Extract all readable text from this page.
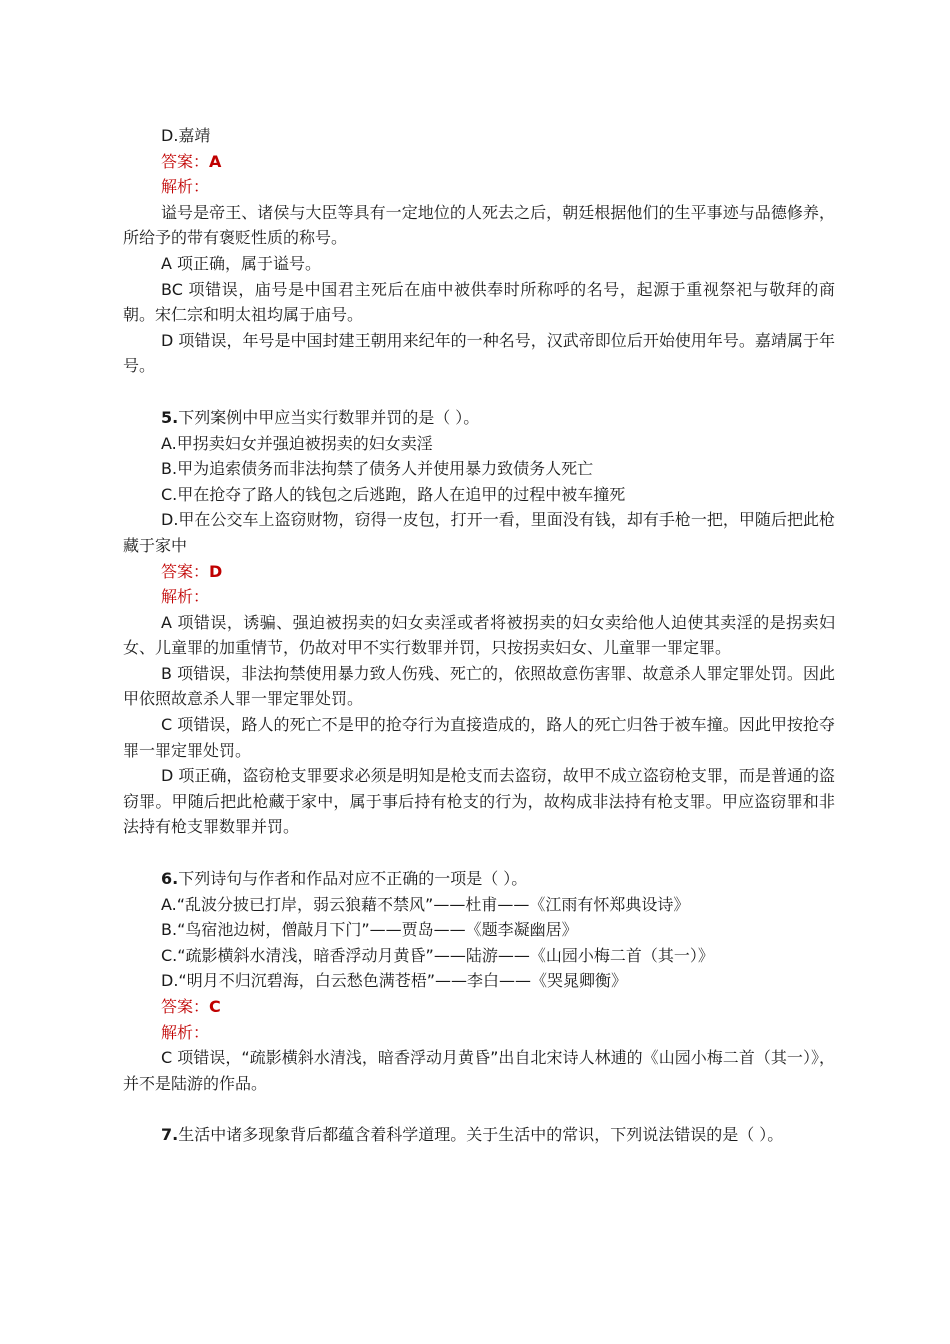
D.嘉靖
答案：A
解析：
谥号是帝王、诸侯与大臣等具有一定地位的人死去之后，朝廷根据他们的生平事迹与品德修养，所给予的带有褒贬性质的称号。
A 项正确，属于谥号。
BC 项错误，庙号是中国君主死后在庙中被供奉时所称呼的名号，起源于重视祭祀与敬拜的商朝。宋仁宗和明太祖均属于庙号。
D 项错误，年号是中国封建王朝用来纪年的一种名号，汉武帝即位后开始使用年号。嘉靖属于年号。
5.下列案例中甲应当实行数罪并罚的是（ ）。
A.甲拐卖妇女并强迫被拐卖的妇女卖淫
B.甲为追索债务而非法拘禁了债务人并使用暴力致债务人死亡
C.甲在抢夺了路人的钱包之后逃跑，路人在追甲的过程中被车撞死
D.甲在公交车上盗窃财物，窃得一皮包，打开一看，里面没有钱，却有手枪一把，甲随后把此枪藏于家中
答案：D
解析：
A 项错误，诱骗、强迫被拐卖的妇女卖淫或者将被拐卖的妇女卖给他人迫使其卖淫的是拐卖妇女、儿童罪的加重情节，仍故对甲不实行数罪并罚，只按拐卖妇女、儿童罪一罪定罪。
B 项错误，非法拘禁使用暴力致人伤残、死亡的，依照故意伤害罪、故意杀人罪定罪处罚。因此甲依照故意杀人罪一罪定罪处罚。
C 项错误，路人的死亡不是甲的抢夺行为直接造成的，路人的死亡归咎于被车撞。因此甲按抢夺罪一罪定罪处罚。
D 项正确，盗窃枪支罪要求必须是明知是枪支而去盗窃，故甲不成立盗窃枪支罪，而是普通的盗窃罪。甲随后把此枪藏于家中，属于事后持有枪支的行为，故构成非法持有枪支罪。甲应盗窃罪和非法持有枪支罪数罪并罚。
6.下列诗句与作者和作品对应不正确的一项是（ ）。
A.“乱波分披已打岸，弱云狼藉不禁风”——杜甫——《江雨有怀郑典设诗》
B.“鸟宿池边树，僧敲月下门”——贾岛——《题李凝幽居》
C.“疏影横斜水清浅，暗香浮动月黄昏”——陆游——《山园小梅二首（其一）》
D.“明月不归沉碧海，白云愁色满苍梧”——李白——《哭晁卿衡》
答案：C
解析：
C 项错误，“疏影横斜水清浅，暗香浮动月黄昏”出自北宋诗人林逋的《山园小梅二首（其一）》，并不是陆游的作品。
7.生活中诸多现象背后都蕴含着科学道理。关于生活中的常识，下列说法错误的是（ ）。
